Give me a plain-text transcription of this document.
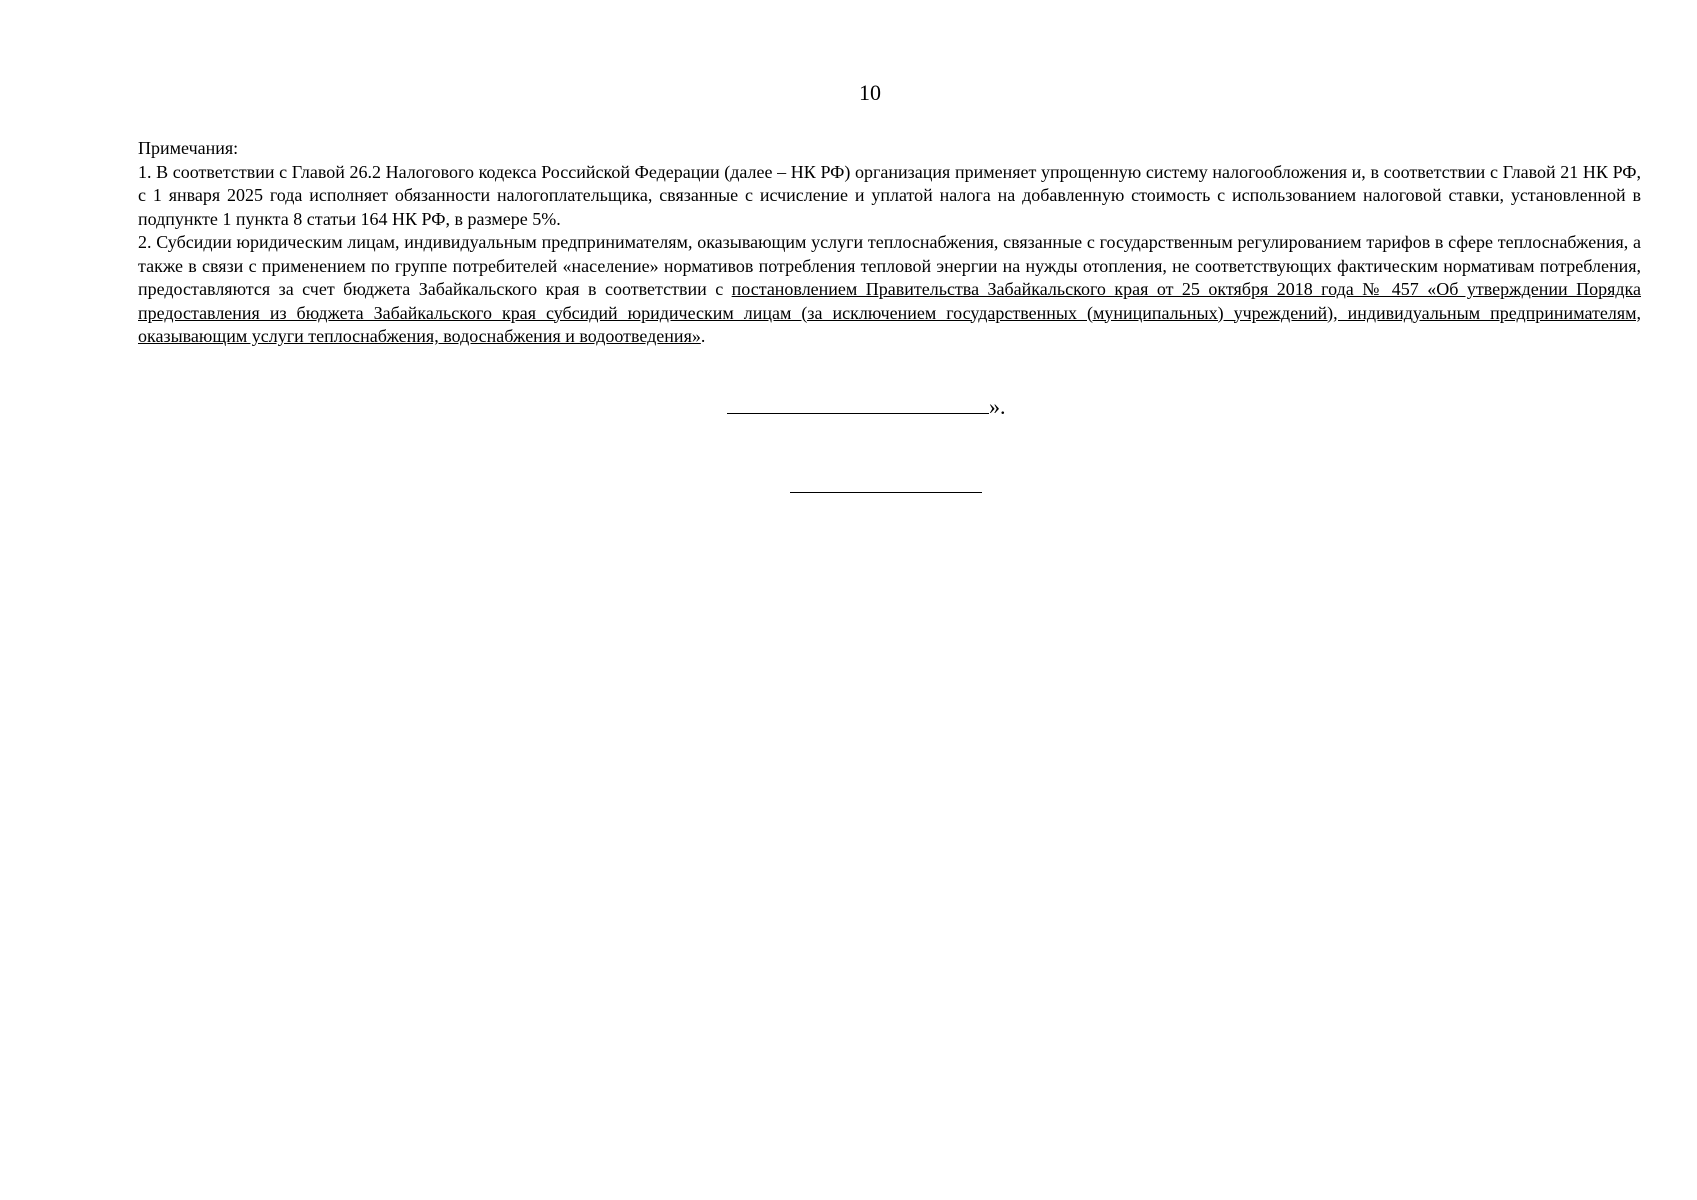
10

Примечания:

1. В соответствии с Главой 26.2 Налогового кодекса Российской Федерации (далее – НК РФ) организация применяет упрощенную систему налогообложения и, в соответствии с Главой 21 НК РФ, с 1 января 2025 года исполняет обязанности налогоплательщика, связанные с исчисление и уплатой налога на добавленную стоимость с использованием налоговой ставки, установленной в подпункте 1 пункта 8 статьи 164 НК РФ, в размере 5%.

2. Субсидии юридическим лицам, индивидуальным предпринимателям, оказывающим услуги теплоснабжения, связанные с государственным регулированием тарифов в сфере теплоснабжения, а также в связи с применением по группе потребителей «население» нормативов потребления тепловой энергии на нужды отопления, не соответствующих фактическим нормативам потребления, предоставляются за счет бюджета Забайкальского края в соответствии с постановлением Правительства Забайкальского края от 25 октября 2018 года № 457 «Об утверждении Порядка предоставления из бюджета Забайкальского края субсидий юридическим лицам (за исключением государственных (муниципальных) учреждений), индивидуальным предпринимателям, оказывающим услуги теплоснабжения, водоснабжения и водоотведения».

».
